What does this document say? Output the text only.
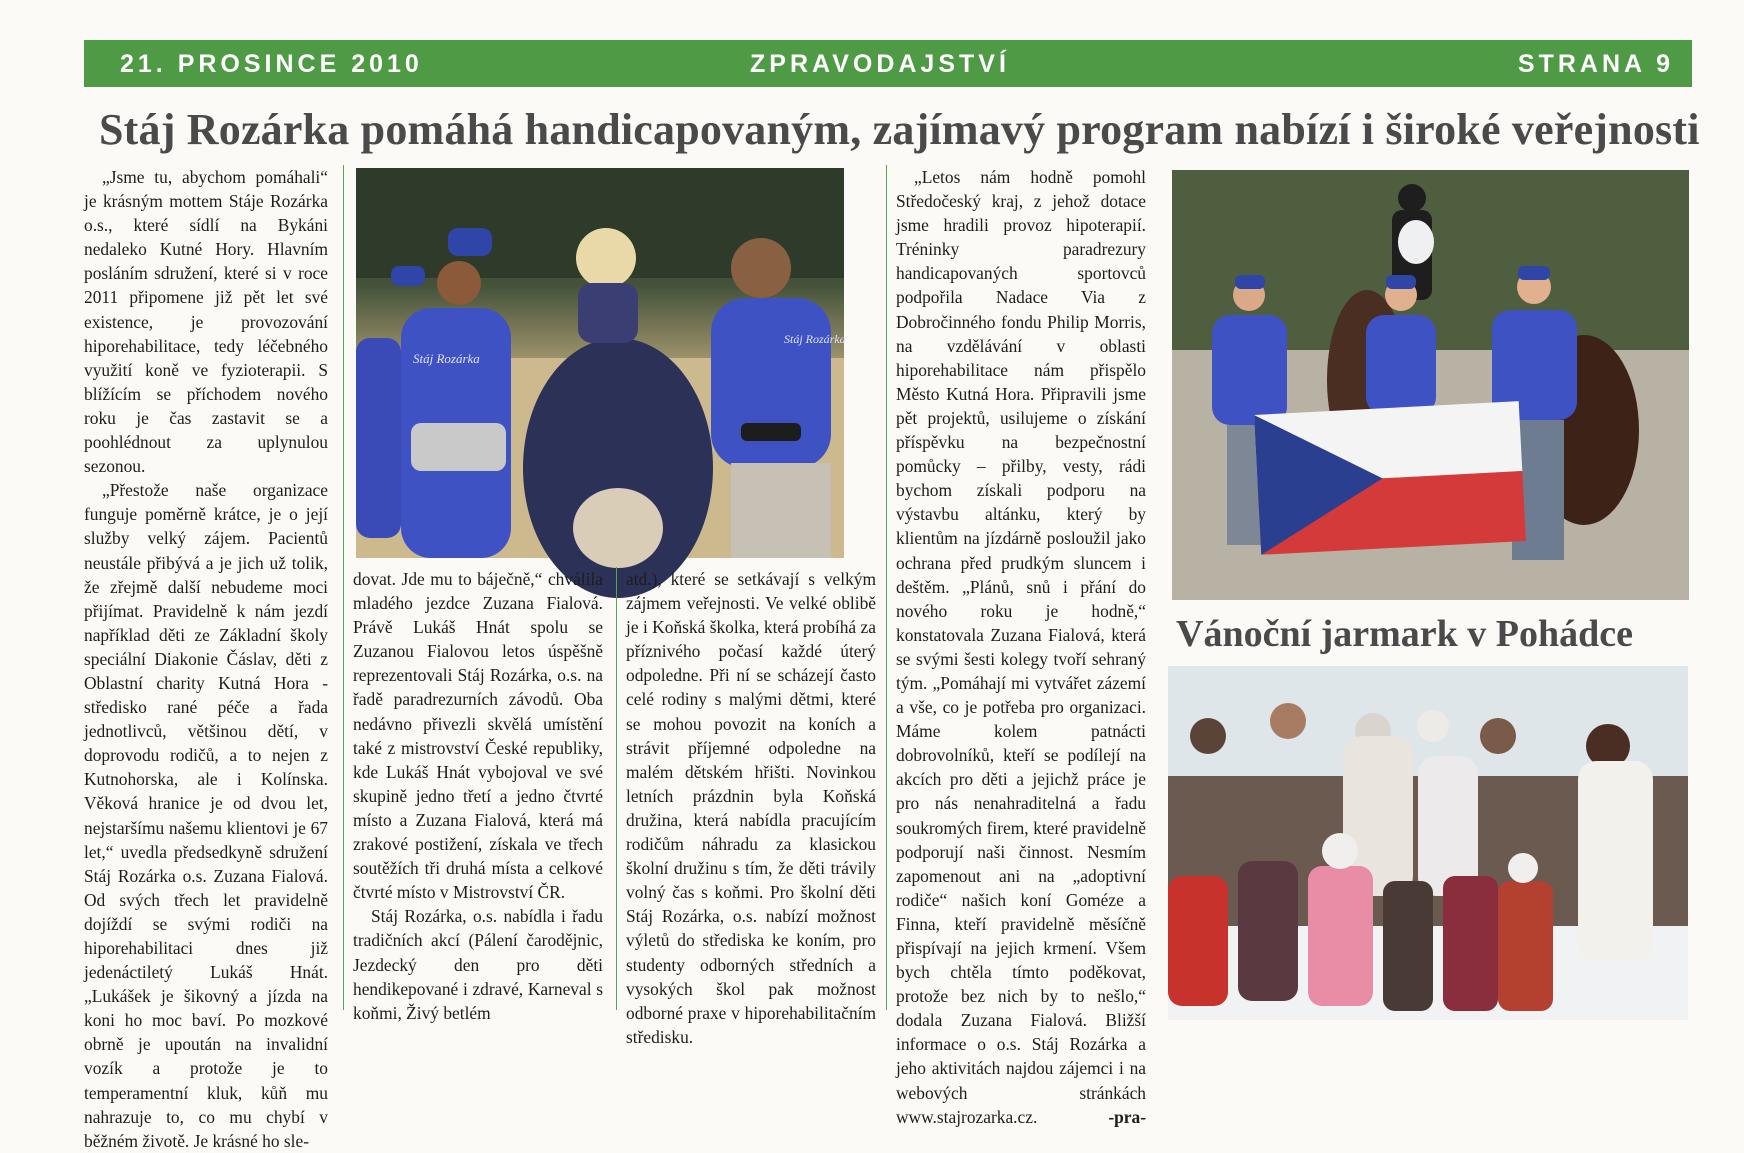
21. PROSINCE 2010	ZPRAVODAJSTVÍ	STRANA 9
Stáj Rozárka pomáhá handicapovaným, zajímavý program nabízí i široké veřejnosti
Stáj Rozárka
Stáj Rozárka
Vánoční jarmark v Pohádce

„Jsme tu, abychom pomáhali“ je krásným mottem Stáje Rozárka o.s., které sídlí na Bykáni nedaleko Kutné Hory. Hlavním posláním sdružení, které si v roce 2011 připomene již pět let své existence, je provozování hiporehabilitace, tedy léčebného využití koně ve fyzioterapii. S blížícím se příchodem nového roku je čas zastavit se a poohlédnout za uplynulou sezonou.

„Přestože naše organizace funguje poměrně krátce, je o její služby velký zájem. Pacientů neustále přibývá a je jich už tolik, že zřejmě další nebudeme moci přijímat. Pravidelně k nám jezdí například děti ze Základní školy speciální Diakonie Čáslav, děti z Oblastní charity Kutná Hora - středisko rané péče a řada jednotlivců, většinou dětí, v doprovodu rodičů, a to nejen z Kutnohorska, ale i Kolínska. Věková hranice je od dvou let, nejstaršímu našemu klientovi je 67 let,“ uvedla předsedkyně sdružení Stáj Rozárka o.s. Zuzana Fialová. Od svých třech let pravidelně dojíždí se svými rodiči na hiporehabilitaci dnes již jedenáctiletý Lukáš Hnát. „Lukášek je šikovný a jízda na koni ho moc baví. Po mozkové obrně je upoután na invalidní vozík a protože je to temperamentní kluk, kůň mu nahrazuje to, co mu chybí v běžném životě. Je krásné ho sle-

dovat. Jde mu to báječně,“ chválila mladého jezdce Zuzana Fialová. Právě Lukáš Hnát spolu se Zuzanou Fialovou letos úspěšně reprezentovali Stáj Rozárka, o.s. na řadě paradrezurních závodů. Oba nedávno přivezli skvělá umístění také z mistrovství České republiky, kde Lukáš Hnát vybojoval ve své skupině jedno třetí a jedno čtvrté místo a Zuzana Fialová, která má zrakové postižení, získala ve třech soutěžích tři druhá místa a celkové čtvrté místo v Mistrovství ČR.

Stáj Rozárka, o.s. nabídla i řadu tradičních akcí (Pálení čarodějnic, Jezdecký den pro děti hendikepované i zdravé, Karneval s koňmi, Živý betlém

atd.), které se setkávají s velkým zájmem veřejnosti. Ve velké oblibě je i Koňská školka, která probíhá za příznivého počasí každé úterý odpoledne. Při ní se scházejí často celé rodiny s malými dětmi, které se mohou povozit na koních a strávit příjemné odpoledne na malém dětském hřišti. Novinkou letních prázdnin byla Koňská družina, která nabídla pracujícím rodičům náhradu za klasickou školní družinu s tím, že děti trávily volný čas s koňmi. Pro školní děti Stáj Rozárka, o.s. nabízí možnost výletů do střediska ke koním, pro studenty odborných středních a vysokých škol pak možnost odborné praxe v hiporehabilitačním středisku.

„Letos nám hodně pomohl Středočeský kraj, z jehož dotace jsme hradili provoz hipoterapií. Tréninky paradrezury handicapovaných sportovců podpořila Nadace Via z Dobročinného fondu Philip Morris, na vzdělávání v oblasti hiporehabilitace nám přispělo Město Kutná Hora. Připravili jsme pět projektů, usilujeme o získání příspěvku na bezpečnostní pomůcky – přilby, vesty, rádi bychom získali podporu na výstavbu altánku, který by klientům na jízdárně posloužil jako ochrana před prudkým sluncem i deštěm. „Plánů, snů i přání do nového roku je hodně,“ konstatovala Zuzana Fialová, která se svými šesti kolegy tvoří sehraný tým. „Pomáhají mi vytvářet zázemí a vše, co je potřeba pro organizaci. Máme kolem patnácti dobrovolníků, kteří se podílejí na akcích pro děti a jejichž práce je pro nás nenahraditelná a řadu soukromých firem, které pravidelně podporují naši činnost. Nesmím zapomenout ani na „adoptivní rodiče“ našich koní Goméze a Finna, kteří pravidelně měsíčně přispívají na jejich krmení. Všem bych chtěla tímto poděkovat, protože bez nich by to nešlo,“ dodala Zuzana Fialová. Bližší informace o o.s. Stáj Rozárka a jeho aktivitách najdou zájemci i na webových stránkách www.stajrozarka.cz.	-pra-
